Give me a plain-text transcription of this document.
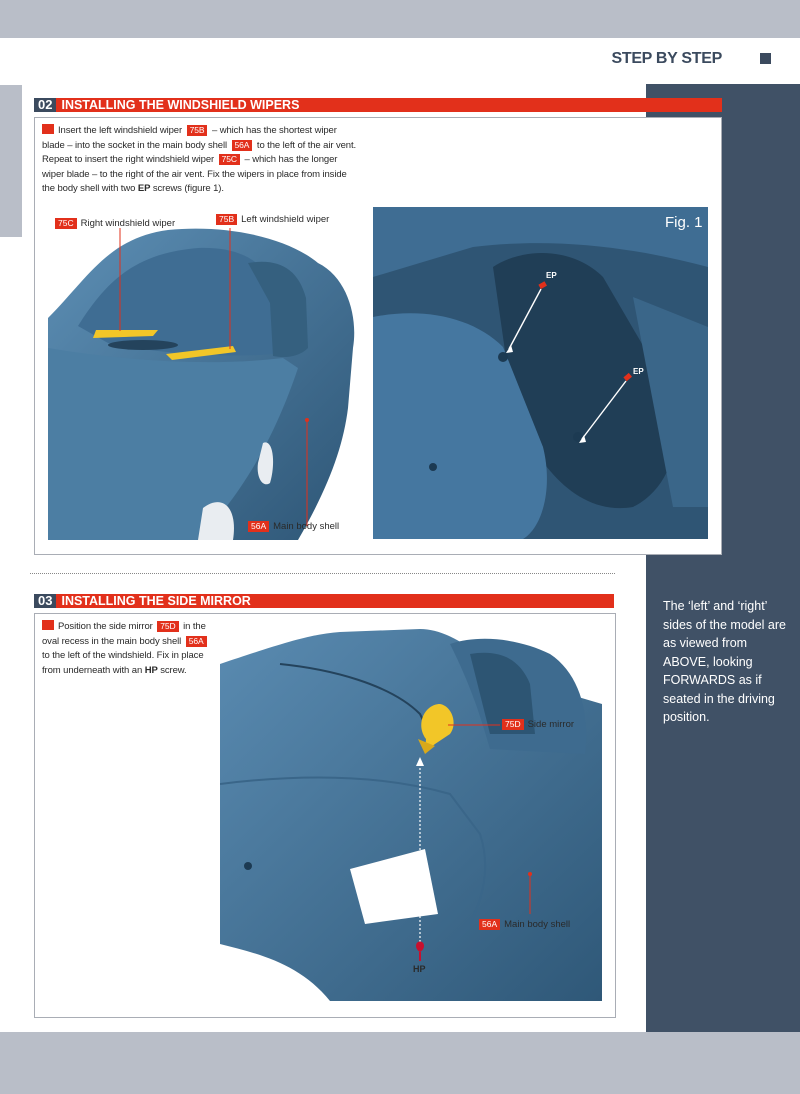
STEP BY STEP
02 INSTALLING THE WINDSHIELD WIPERS
Insert the left windshield wiper 75B – which has the shortest wiper blade – into the socket in the main body shell 56A to the left of the air vent. Repeat to insert the right windshield wiper 75C – which has the longer wiper blade – to the right of the air vent. Fix the wipers in place from inside the body shell with two EP screws (figure 1).
75C Right windshield wiper	75B Left windshield wiper
56A Main body shell
Fig. 1
EP
EP
03 INSTALLING THE SIDE MIRROR
Position the side mirror 75D in the oval recess in the main body shell 56A to the left of the windshield. Fix in place from underneath with an HP screw.
75D Side mirror
56A Main body shell
HP
The ‘left’ and ‘right’ sides of the model are as viewed from ABOVE, looking FORWARDS as if seated in the driving position.
